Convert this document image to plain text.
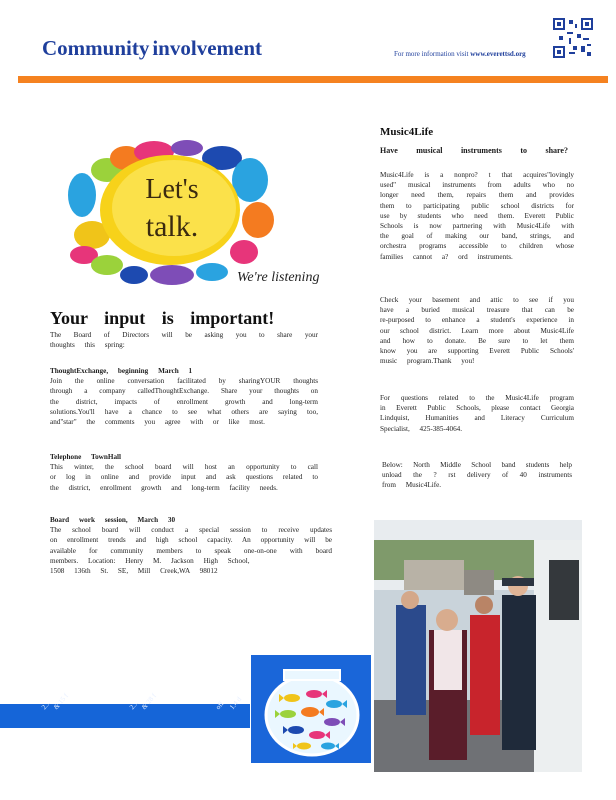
Community involvement	For more information visit www.everettsd.org
Let's
talk.
We're listening
Your input is important!
The Board of Directors will be asking you to share your thoughts this spring:
ThoughtExchange, beginning March 1
Join the online conversation facilitated by sharingYOUR thoughts through a company calledThoughtExchange. Share your thoughts on the district, impacts of enrollment growth and long-term solutions.You'll have a chance to see what others are saying too, and"star" the comments you agree with or like most.
Telephone TownHall
This winter, the school board will host an opportunity to call or log in online and provide input and ask questions related to the district, enrollment growth and long-term facility needs.
Board work session, March 30
The school board will conduct a special session to receive updates on enrollment trends and high school capacity. An opportunity will be available for community members to speak one-on-one with board members. Location: Henry M. Jackson High School,
1508 136th St. SE, Mill Creek,WA 98012
Music4Life
Have musical instruments to share?
Music4Life is a nonpro? t that acquires"lovingly used" musical instruments from adults who no longer need them, repairs them and provides them to participating public school districts for use by students who need them. Everett Public Schools is now partnering with Music4Life with the goal of making our band, strings, and orchestra programs accessible to children whose families cannot a? ord instruments.
Check your basement and attic to see if you have a buried musical treasure that can be re-purposed to enhance a student's experience in our school district. Learn more about Music4Life and how to donate. Be sure to let them know you are supporting Everett Public Schools' music program.Thank you!
For questions related to the Music4Life program in Everett Public Schools, please contact Georgia Lindquist, Humanities and Literacy Curriculum Specialist, 425-385-4064.
Below: North Middle School band students help unload the ? rst delivery of 40 instruments from Music4Life.
2... & 15 f	2... & 28 f	off 1.4 d
